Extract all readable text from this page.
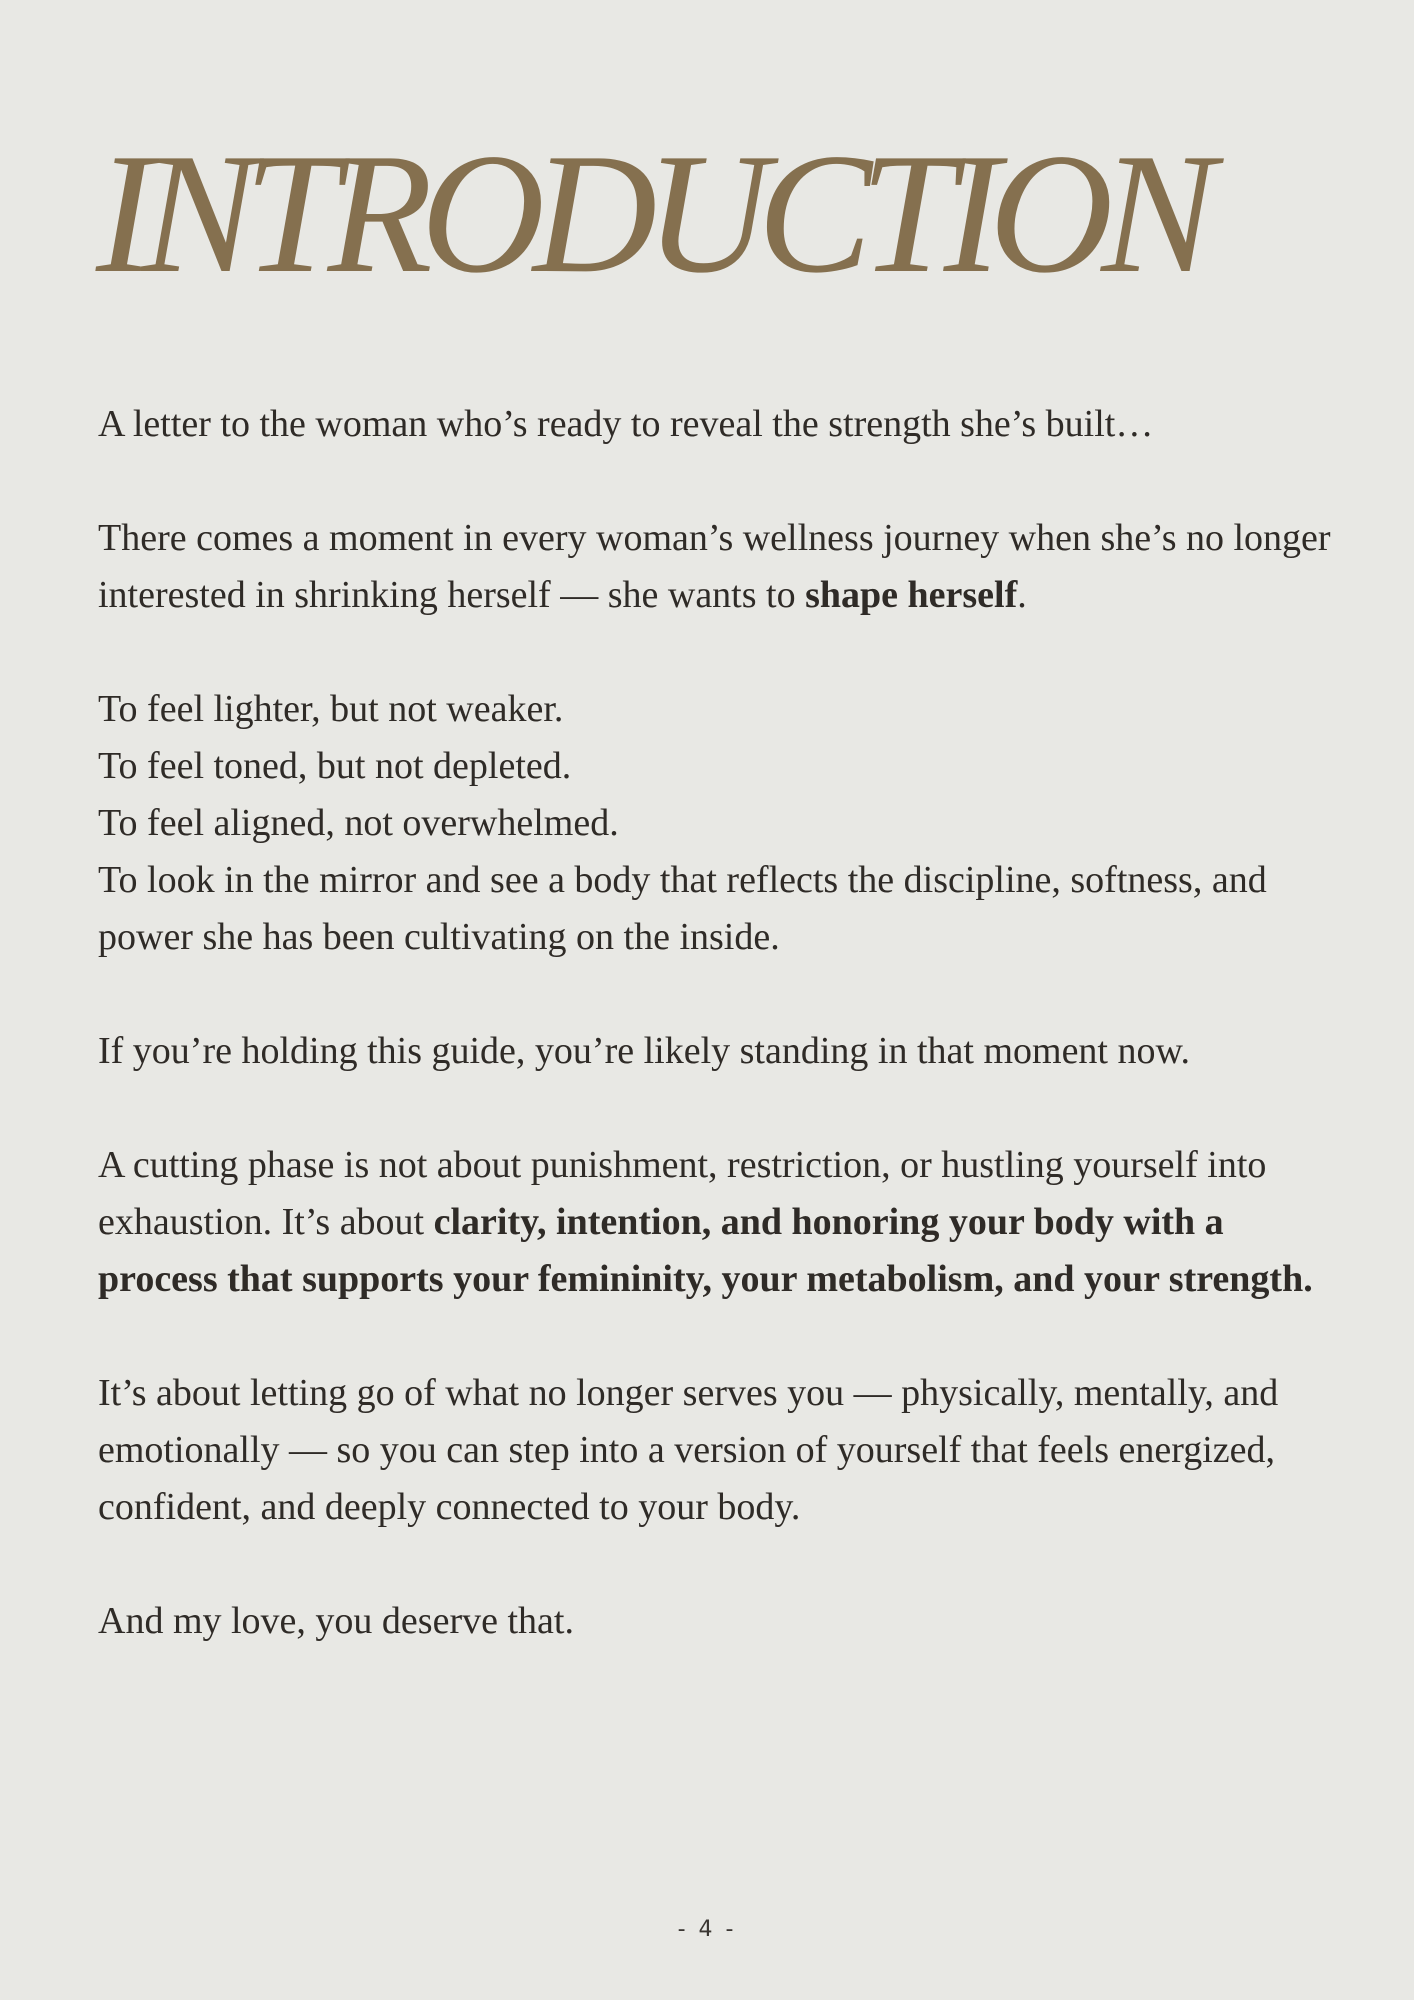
INTRODUCTION

A letter to the woman who’s ready to reveal the strength she’s built…

There comes a moment in every woman’s wellness journey when she’s no longer interested in shrinking herself — she wants to shape herself.

To feel lighter, but not weaker.
To feel toned, but not depleted.
To feel aligned, not overwhelmed.
To look in the mirror and see a body that reflects the discipline, softness, and power she has been cultivating on the inside.

If you’re holding this guide, you’re likely standing in that moment now.

A cutting phase is not about punishment, restriction, or hustling yourself into exhaustion. It’s about clarity, intention, and honoring your body with a process that supports your femininity, your metabolism, and your strength.

It’s about letting go of what no longer serves you — physically, mentally, and emotionally — so you can step into a version of yourself that feels energized, confident, and deeply connected to your body.

And my love, you deserve that.

- 4 -
